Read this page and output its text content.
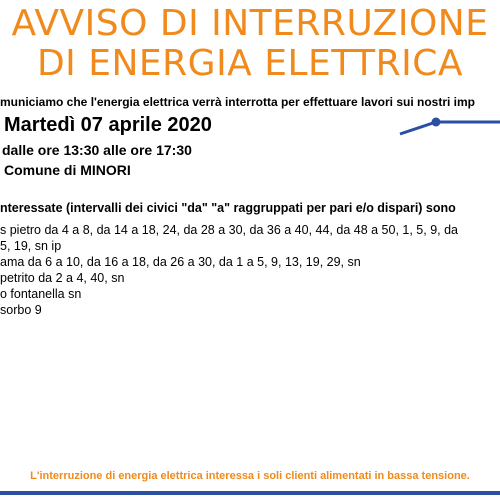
AVVISO DI INTERRUZIONE
DI ENERGIA ELETTRICA
municiamo che l'energia elettrica verrà interrotta per effettuare lavori sui nostri imp
Martedì 07 aprile 2020
dalle ore 13:30 alle ore 17:30
Comune di MINORI
nteressate (intervalli dei civici "da" "a" raggruppati per pari e/o dispari) sono
s pietro da 4 a 8, da 14 a 18, 24, da 28 a 30, da 36 a 40, 44, da 48 a 50, 1, 5, 9, da
5, 19, sn ip
ama da 6 a 10, da 16 a 18, da 26 a 30, da 1 a 5, 9, 13, 19, 29, sn
petrito da 2 a 4, 40, sn
o fontanella sn
sorbo 9
L'interruzione di energia elettrica interessa i soli clienti alimentati in bassa tensione.
